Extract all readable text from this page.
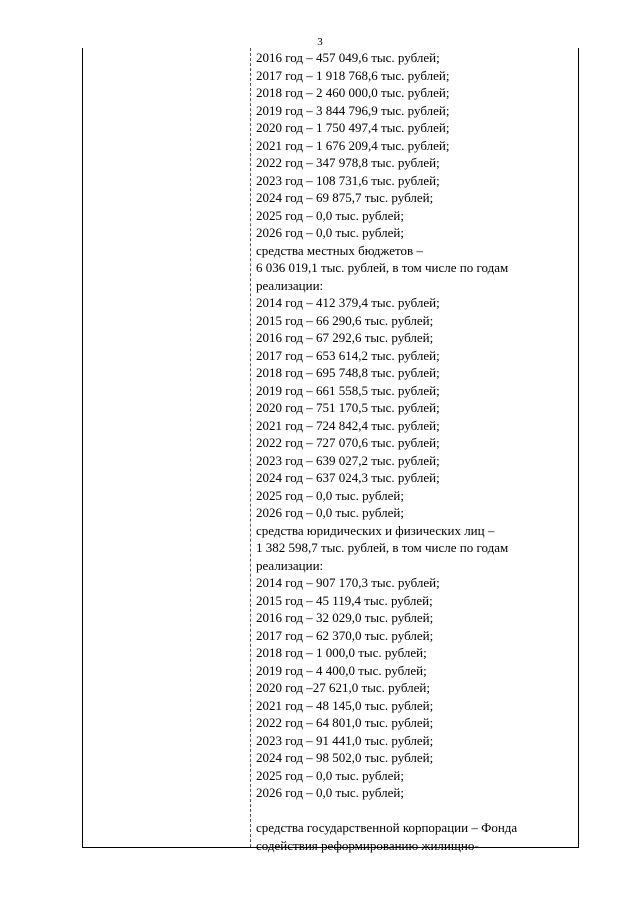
3
2016 год – 457 049,6 тыс. рублей;
2017 год – 1 918 768,6 тыс. рублей;
2018 год – 2 460 000,0 тыс. рублей;
2019 год – 3 844 796,9 тыс. рублей;
2020 год – 1 750 497,4 тыс. рублей;
2021 год – 1 676 209,4 тыс. рублей;
2022 год – 347 978,8 тыс. рублей;
2023 год – 108 731,6 тыс. рублей;
2024 год – 69 875,7 тыс. рублей;
2025 год – 0,0 тыс. рублей;
2026 год – 0,0 тыс. рублей;
средства местных бюджетов –
6 036 019,1 тыс. рублей, в том числе по годам
реализации:
2014 год – 412 379,4 тыс. рублей;
2015 год – 66 290,6 тыс. рублей;
2016 год – 67 292,6 тыс. рублей;
2017 год – 653 614,2 тыс. рублей;
2018 год – 695 748,8 тыс. рублей;
2019 год – 661 558,5 тыс. рублей;
2020 год – 751 170,5 тыс. рублей;
2021 год – 724 842,4 тыс. рублей;
2022 год – 727 070,6 тыс. рублей;
2023 год – 639 027,2 тыс. рублей;
2024 год – 637 024,3 тыс. рублей;
2025 год – 0,0 тыс. рублей;
2026 год – 0,0 тыс. рублей;
средства юридических и физических лиц –
1 382 598,7 тыс. рублей, в том числе по годам
реализации:
2014 год – 907 170,3 тыс. рублей;
2015 год – 45 119,4 тыс. рублей;
2016 год – 32 029,0 тыс. рублей;
2017 год – 62 370,0 тыс. рублей;
2018 год – 1 000,0 тыс. рублей;
2019 год – 4 400,0 тыс. рублей;
2020 год –27 621,0 тыс. рублей;
2021 год – 48 145,0 тыс. рублей;
2022 год – 64 801,0 тыс. рублей;
2023 год – 91 441,0 тыс. рублей;
2024 год – 98 502,0 тыс. рублей;
2025 год – 0,0 тыс. рублей;
2026 год – 0,0 тыс. рублей;
средства государственной корпорации – Фонда
содействия реформированию жилищно-
